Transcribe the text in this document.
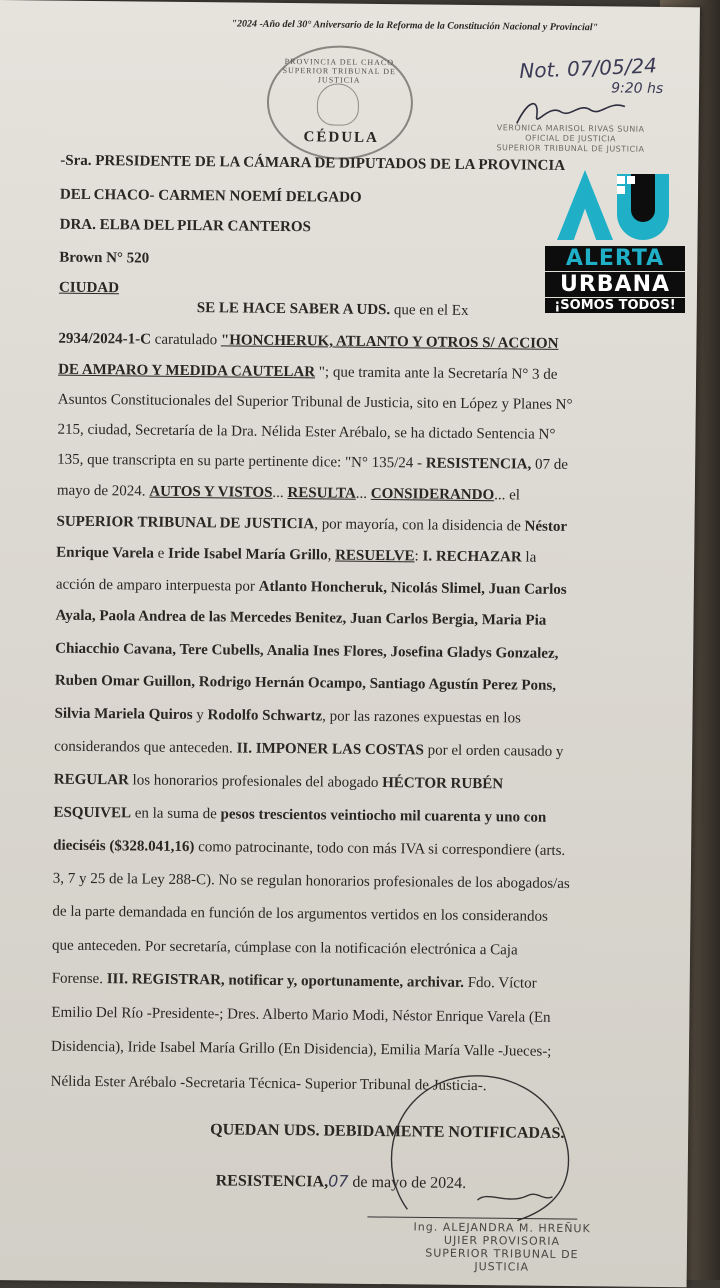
"2024 -Año del 30° Aniversario de la Reforma de la Constitución Nacional y Provincial"
PROVINCIA DEL CHACO SUPERIOR TRIBUNAL DE JUSTICIA
CÉDULA
Not. 07/05/24
9:20 hs
VERONICA MARISOL RIVAS SUNIA
OFICIAL DE JUSTICIA
SUPERIOR TRIBUNAL DE JUSTICIA
-Sra. PRESIDENTE DE LA CÁMARA DE DIPUTADOS DE LA PROVINCIA
DEL CHACO- CARMEN NOEMÍ DELGADO
DRA. ELBA DEL PILAR CANTEROS
Brown N° 520
CIUDAD
SE LE HACE SABER A UDS. que en el Ex
2934/2024-1-C caratulado "HONCHERUK, ATLANTO Y OTROS S/ ACCION
DE AMPARO Y MEDIDA CAUTELAR "; que tramita ante la Secretaría N° 3 de
Asuntos Constitucionales del Superior Tribunal de Justicia, sito en López y Planes N°
215, ciudad, Secretaría de la Dra. Nélida Ester Arébalo, se ha dictado Sentencia N°
135, que transcripta en su parte pertinente dice: "N° 135/24 - RESISTENCIA, 07 de
mayo de 2024. AUTOS Y VISTOS... RESULTA... CONSIDERANDO... el
SUPERIOR TRIBUNAL DE JUSTICIA, por mayoría, con la disidencia de Néstor
Enrique Varela e Iride Isabel María Grillo, RESUELVE: I. RECHAZAR la
acción de amparo interpuesta por Atlanto Honcheruk, Nicolás Slimel, Juan Carlos
Ayala, Paola Andrea de las Mercedes Benitez, Juan Carlos Bergia, Maria Pia
Chiacchio Cavana, Tere Cubells, Analia Ines Flores, Josefina Gladys Gonzalez,
Ruben Omar Guillon, Rodrigo Hernán Ocampo, Santiago Agustín Perez Pons,
Silvia Mariela Quiros y Rodolfo Schwartz, por las razones expuestas en los
considerandos que anteceden. II. IMPONER LAS COSTAS por el orden causado y
REGULAR los honorarios profesionales del abogado HÉCTOR RUBÉN
ESQUIVEL en la suma de pesos trescientos veintiocho mil cuarenta y uno con
dieciséis ($328.041,16) como patrocinante, todo con más IVA si correspondiere (arts.
3, 7 y 25 de la Ley 288-C). No se regulan honorarios profesionales de los abogados/as
de la parte demandada en función de los argumentos vertidos en los considerandos
que anteceden. Por secretaría, cúmplase con la notificación electrónica a Caja
Forense. III. REGISTRAR, notificar y, oportunamente, archivar. Fdo. Víctor
Emilio Del Río -Presidente-; Dres. Alberto Mario Modi, Néstor Enrique Varela (En
Disidencia), Iride Isabel María Grillo (En Disidencia), Emilia María Valle -Jueces-;
Nélida Ester Arébalo -Secretaria Técnica- Superior Tribunal de Justicia-.
QUEDAN UDS. DEBIDAMENTE NOTIFICADAS.
RESISTENCIA,07 de mayo de 2024.
Ing. ALEJANDRA M. HREÑUK
UJIER PROVISORIA
SUPERIOR TRIBUNAL DE JUSTICIA
ALERTA
URBANA
¡SOMOS TODOS!
